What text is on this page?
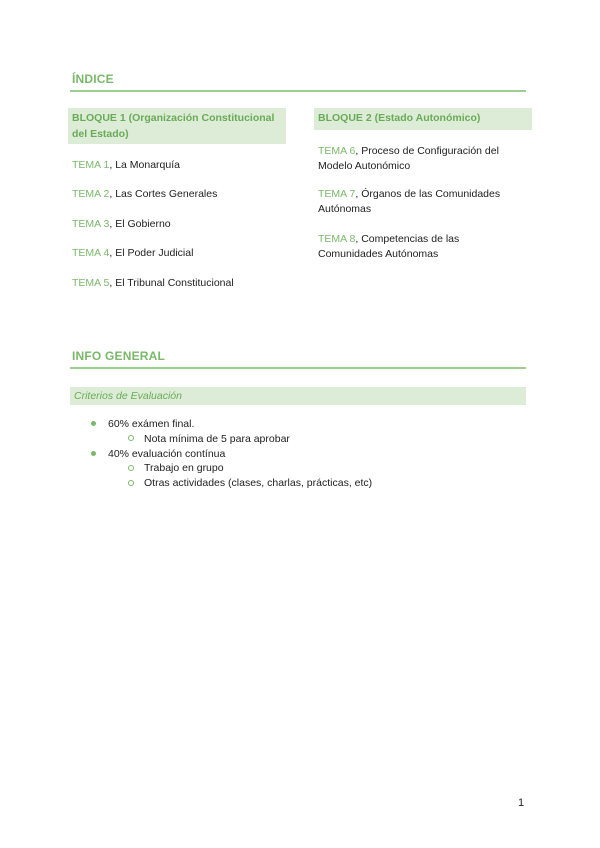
ÍNDICE
BLOQUE 1 (Organización Constitucional del Estado)
TEMA 1, La Monarquía
TEMA 2, Las Cortes Generales
TEMA 3, El Gobierno
TEMA 4, El Poder Judicial
TEMA 5, El Tribunal Constitucional
BLOQUE 2 (Estado Autonómico)
TEMA 6, Proceso de Configuración del Modelo Autonómico
TEMA 7, Órganos de las Comunidades Autónomas
TEMA 8, Competencias de las Comunidades Autónomas
INFO GENERAL
Criterios de Evaluación
60% exámen final.
Nota mínima de 5 para aprobar
40% evaluación contínua
Trabajo en grupo
Otras actividades (clases, charlas, prácticas, etc)
1
